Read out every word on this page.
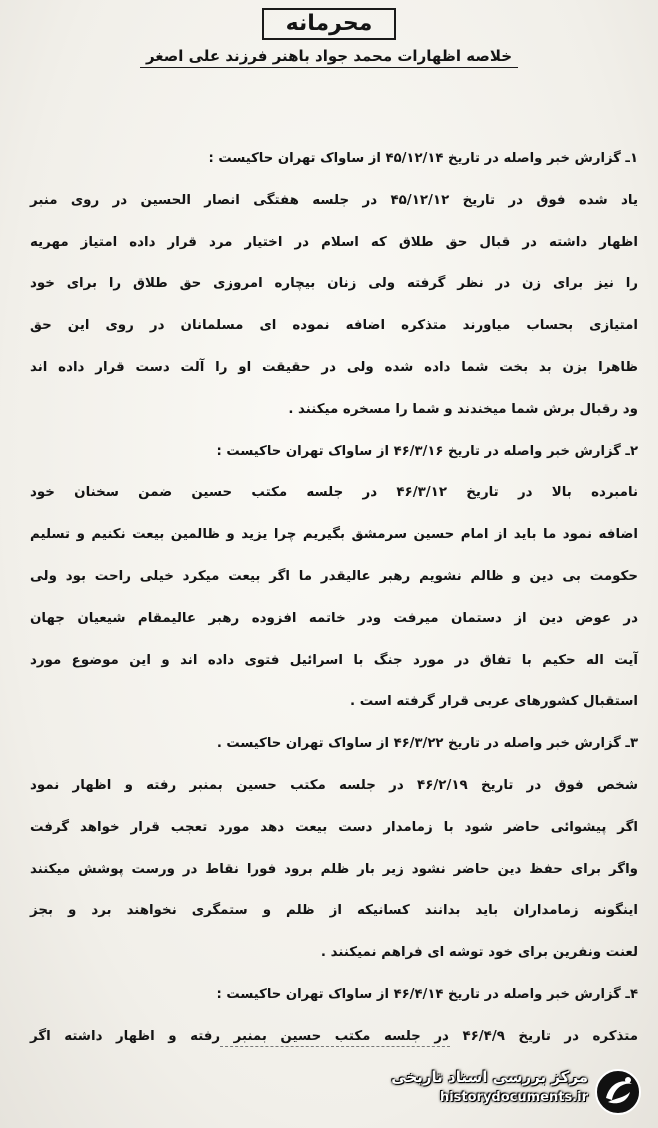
محرمانه
خلاصه اظهارات محمد جواد باهنر فرزند علی اصغر
۱ـ گزارش خبر واصله در تاریخ ۴۵/۱۲/۱۴ از ساواک تهران حاکیست :
یاد شده فوق در تاریخ ۴۵/۱۲/۱۲ در جلسه هفتگی انصار الحسین در روی منبر
اظهار داشته در قبال حق طلاق که اسلام در اختیار مرد قرار داده امتیاز مهریه
را نیز برای زن در نظر گرفته ولی زنان بیچاره امروزی حق طلاق را برای خود
امتیازی بحساب میاورند متذکره اضافه نموده ای مسلمانان در روی این حق
ظاهرا بزن بد بخت شما داده شده ولی در حقیقت او را آلت دست قرار داده اند
ود رقبال برش شما میخندند و شما را مسخره میکنند .
۲ـ گزارش خبر واصله در تاریخ ۴۶/۳/۱۶ از ساواک تهران حاکیست :
نامبرده بالا در تاریخ ۴۶/۳/۱۲ در جلسه مکتب حسین ضمن سخنان خود
اضافه نمود ما باید از امام حسین سرمشق بگیریم چرا یزید و ظالمین بیعت نکنیم و تسلیم
حکومت بی دین و ظالم نشویم رهبر عالیقدر ما اگر بیعت میکرد خیلی راحت بود ولی
در عوض دین از دستمان میرفت ودر خاتمه افزوده رهبر عالیمقام شیعیان جهان
آیت اله حکیم با تفاق در مورد جنگ با اسرائیل فتوی داده اند و این موضوع مورد
استقبال کشورهای عربی قرار گرفته است .
۳ـ گزارش خبر واصله در تاریخ ۴۶/۳/۲۲ از ساواک تهران حاکیست .
شخص فوق در تاریخ ۴۶/۲/۱۹ در جلسه مکتب حسین بمنبر رفته و اظهار نمود
اگر پیشوائی حاضر شود با زمامدار دست بیعت دهد مورد تعجب قرار خواهد گرفت
واگر برای حفظ دین حاضر نشود زیر بار ظلم برود فورا نقاط در ورست پوشش میکنند
اینگونه زمامداران باید بدانند کسانیکه از ظلم و ستمگری نخواهند برد و بجز
لعنت ونفرین برای خود توشه ای فراهم نمیکنند .
۴ـ گزارش خبر واصله در تاریخ ۴۶/۴/۱۴ از ساواک تهران حاکیست :
متذکره در تاریخ ۴۶/۴/۹ در جلسه مکتب حسین بمنبر رفته و اظهار داشته اگر
مرکز بررسی اسناد تاریخی
historydocuments.ir
